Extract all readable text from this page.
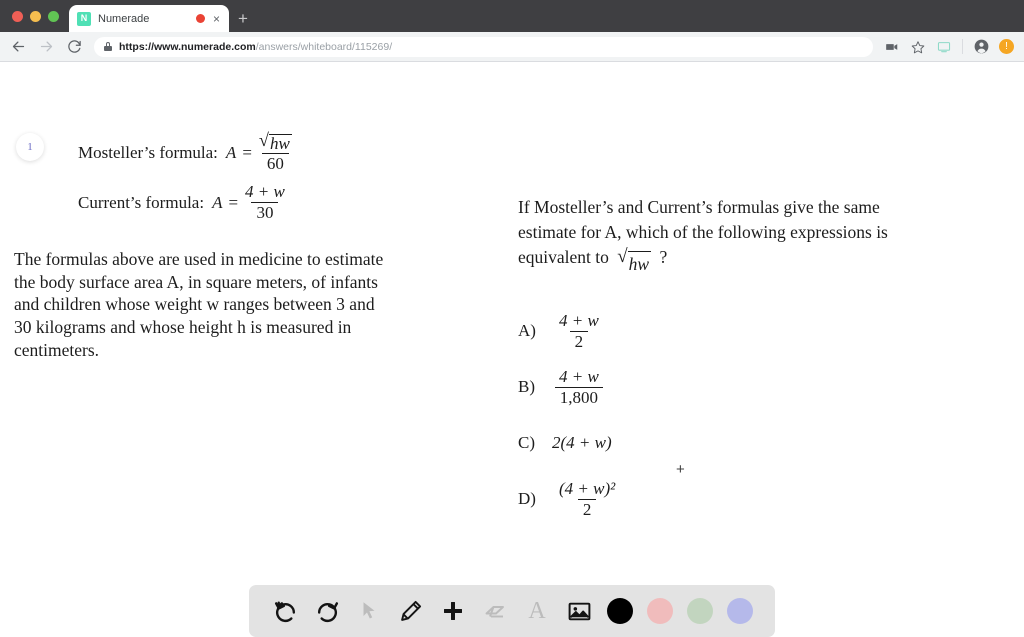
N Numerade	×	+
https://www.numerade.com/answers/whiteboard/115269/	!
1	Mosteller’s formula: $A = \frac{√ hw}{60}$
Current’s formula: $A = \frac{4 + w}{30}$
The formulas above are used in medicine to estimate
the body surface area A, in square meters, of infants
and children whose weight w ranges between 3 and
30 kilograms and whose height h is measured in
centimeters.
If Mosteller’s and Current’s formulas give the same
estimate for A, which of the following expressions is
equivalent to √ hw ?
A)	$\frac{4 + w}{2}$
B)	$\frac{4 + w}{1,800}$
C)	2(4 + w)
D)	$\frac{\text{(4 + w)²}}{2}$
+
A
